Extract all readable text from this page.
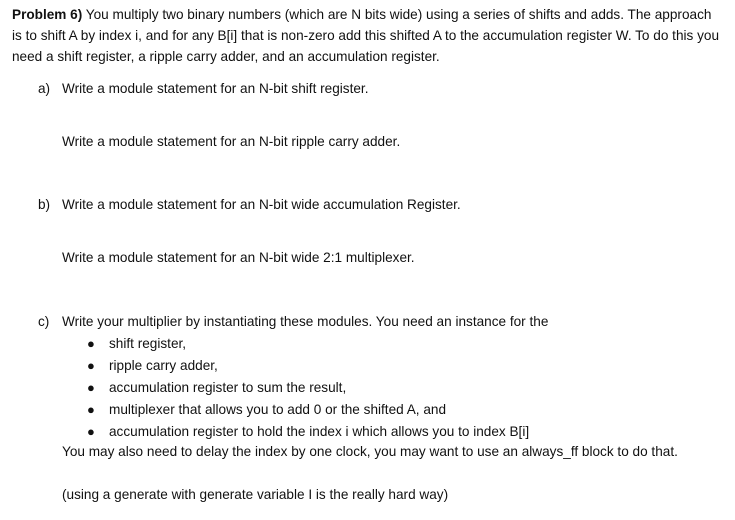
Problem 6) You multiply two binary numbers (which are N bits wide) using a series of shifts and adds. The approach is to shift A by index i, and for any B[i] that is non-zero add this shifted A to the accumulation register W. To do this you need a shift register, a ripple carry adder, and an accumulation register.
a) Write a module statement for an N-bit shift register.
Write a module statement for an N-bit ripple carry adder.
b) Write a module statement for an N-bit wide accumulation Register.
Write a module statement for an N-bit wide 2:1 multiplexer.
c) Write your multiplier by instantiating these modules. You need an instance for the
● shift register,
● ripple carry adder,
● accumulation register to sum the result,
● multiplexer that allows you to add 0 or the shifted A, and
● accumulation register to hold the index i which allows you to index B[i]
You may also need to delay the index by one clock, you may want to use an always_ff block to do that.
(using a generate with generate variable I is the really hard way)
